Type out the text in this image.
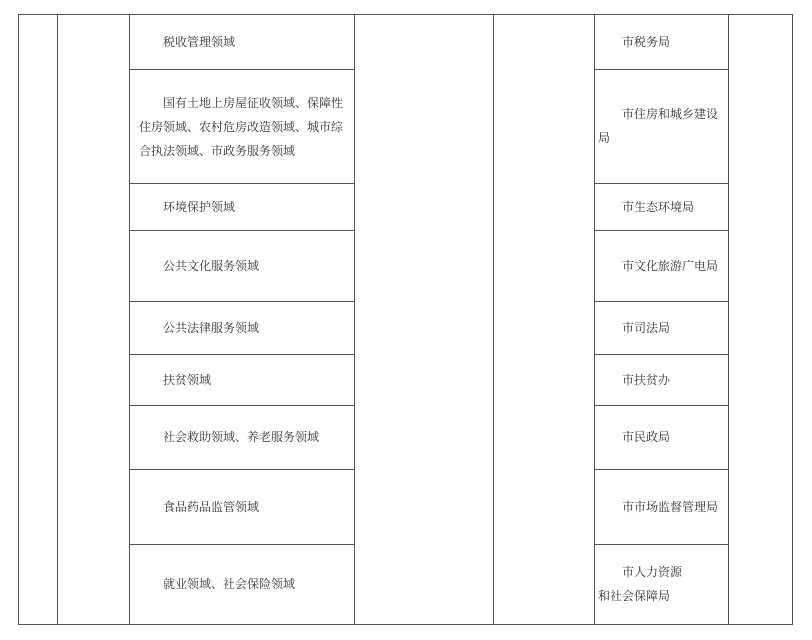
税收管理领域
国有土地上房屋征收领域、保障性住房领域、农村危房改造领域、城市综合执法领域、市政务服务领域
环境保护领域
公共文化服务领域
公共法律服务领域
扶贫领域
社会救助领域、养老服务领域
食品药品监管领域
就业领域、社会保险领域
市税务局
市住房和城乡建设局
市生态环境局
市文化旅游广电局
市司法局
市扶贫办
市民政局
市市场监督管理局
市人力资源
和社会保障局
